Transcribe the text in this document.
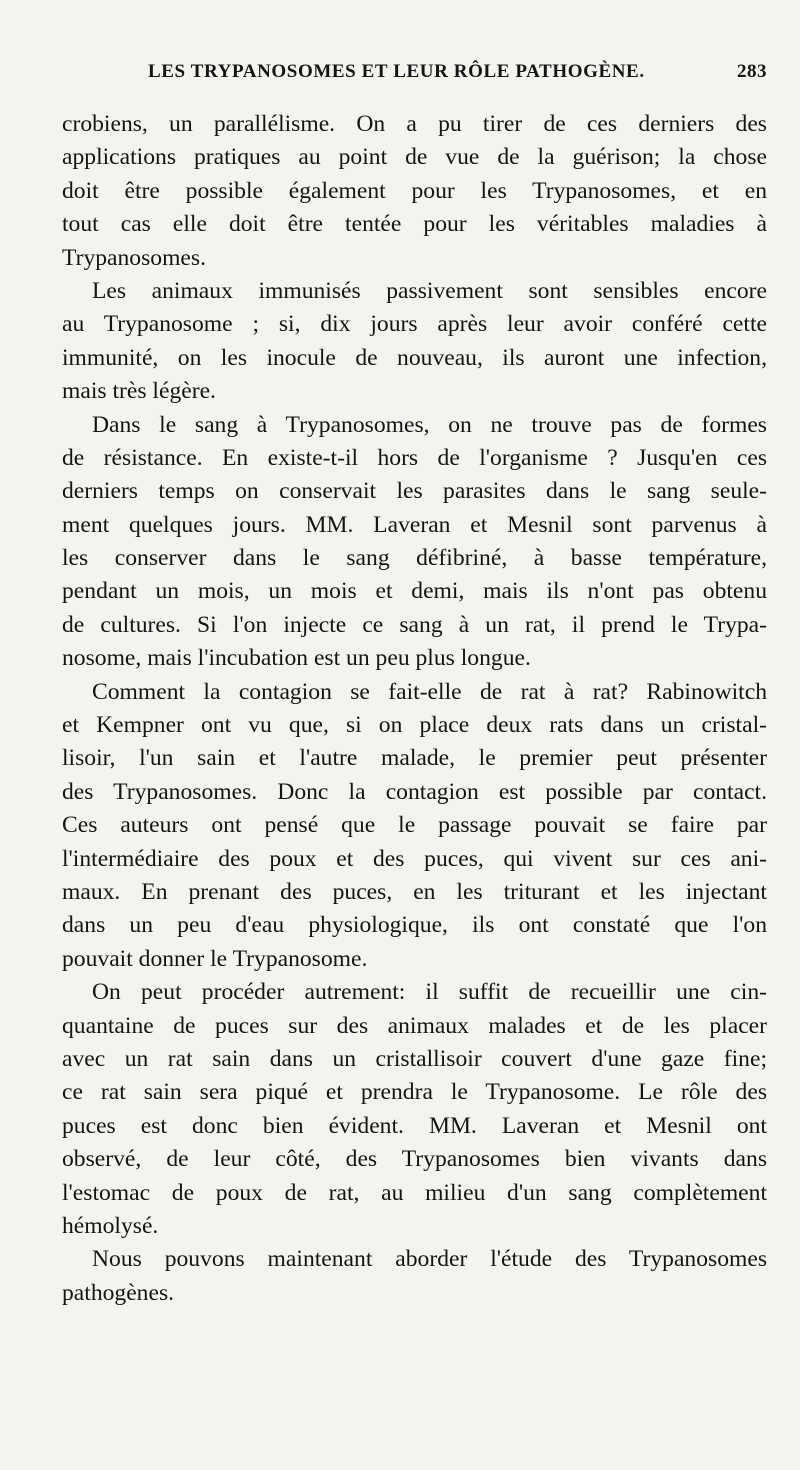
LES TRYPANOSOMES ET LEUR RÔLE PATHOGÈNE.	283

crobiens, un parallélisme. On a pu tirer de ces derniers des
applications pratiques au point de vue de la guérison; la chose
doit être possible également pour les Trypanosomes, et en
tout cas elle doit être tentée pour les véritables maladies à
Trypanosomes.

Les animaux immunisés passivement sont sensibles encore
au Trypanosome ; si, dix jours après leur avoir conféré cette
immunité, on les inocule de nouveau, ils auront une infection,
mais très légère.

Dans le sang à Trypanosomes, on ne trouve pas de formes
de résistance. En existe-t-il hors de l'organisme ? Jusqu'en ces
derniers temps on conservait les parasites dans le sang seule-
ment quelques jours. MM. Laveran et Mesnil sont parvenus à
les conserver dans le sang défibriné, à basse température,
pendant un mois, un mois et demi, mais ils n'ont pas obtenu
de cultures. Si l'on injecte ce sang à un rat, il prend le Trypa-
nosome, mais l'incubation est un peu plus longue.

Comment la contagion se fait-elle de rat à rat? Rabinowitch
et Kempner ont vu que, si on place deux rats dans un cristal-
lisoir, l'un sain et l'autre malade, le premier peut présenter
des Trypanosomes. Donc la contagion est possible par contact.
Ces auteurs ont pensé que le passage pouvait se faire par
l'intermédiaire des poux et des puces, qui vivent sur ces ani-
maux. En prenant des puces, en les triturant et les injectant
dans un peu d'eau physiologique, ils ont constaté que l'on
pouvait donner le Trypanosome.

On peut procéder autrement: il suffit de recueillir une cin-
quantaine de puces sur des animaux malades et de les placer
avec un rat sain dans un cristallisoir couvert d'une gaze fine;
ce rat sain sera piqué et prendra le Trypanosome. Le rôle des
puces est donc bien évident. MM. Laveran et Mesnil ont
observé, de leur côté, des Trypanosomes bien vivants dans
l'estomac de poux de rat, au milieu d'un sang complètement
hémolysé.

Nous pouvons maintenant aborder l'étude des Trypanosomes
pathogènes.
